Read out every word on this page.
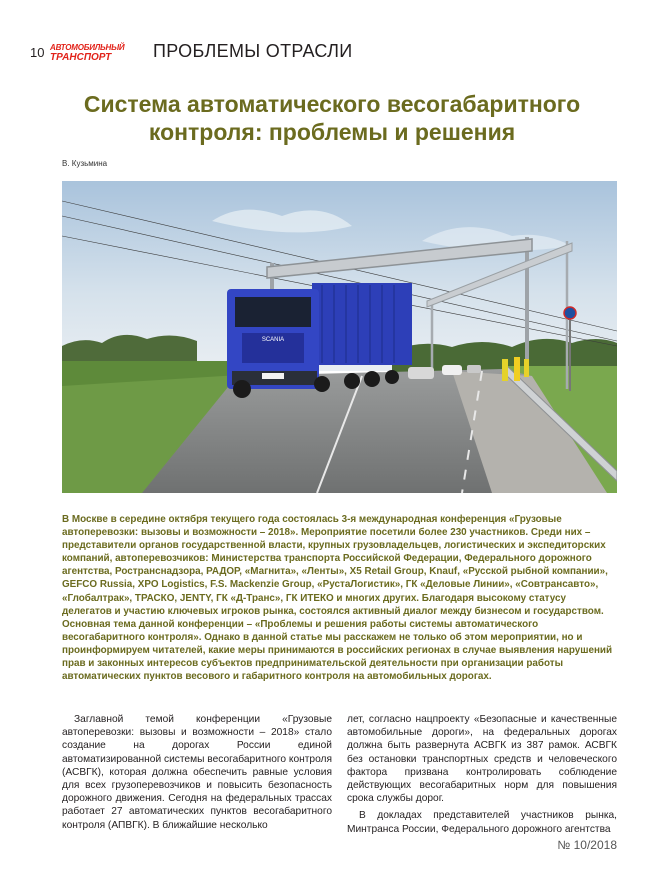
10 АВТОМОБИЛЬНЫЙ
ТРАНСПОРТ	ПРОБЛЕМЫ ОТРАСЛИ
Система автоматического весогабаритного
контроля: проблемы и решения
В. Кузьмина
SCANIA

В Москве в середине октября текущего года состоялась 3-я международная конференция «Грузовые автоперевозки: вызовы и возможности – 2018». Мероприятие посетили более 230 участников. Среди них – представители органов государственной власти, крупных грузовладельцев, логистических и экспедиторских компаний, автоперевозчиков: Министерства транспорта Российской Федерации, Федерального дорожного агентства, Ространснадзора, РАДОР, «Магнита», «Ленты», X5 Retail Group, Knauf, «Русской рыбной компании», GEFCO Russia, XPO Logistics, F.S. Mackenzie Group, «РустаЛогистик», ГК «Деловые Линии», «Совтрансавто», «Глобалтрак», ТРАСКО, JENTY, ГК «Д-Транс», ГК ИТЕКО и многих других. Благодаря высокому статусу делегатов и участию ключевых игроков рынка, состоялся активный диалог между бизнесом и государством. Основная тема данной конференции – «Проблемы и решения работы системы автоматического весогабаритного контроля». Однако в данной статье мы расскажем не только об этом мероприятии, но и проинформируем читателей, какие меры принимаются в российских регионах в случае выявления нарушений прав и законных интересов субъектов предпринимательской деятельности при организации работы автоматических пунктов весового и габаритного контроля на автомобильных дорогах.

Заглавной темой конференции «Грузовые автоперевозки: вызовы и возможности – 2018» стало создание на дорогах России единой автоматизированной системы весогабаритного контроля (АСВГК), которая должна обеспечить равные условия для всех грузоперевозчиков и повысить безопасность дорожного движения. Сегодня на федеральных трассах работает 27 автоматических пунктов весогабаритного контроля (АПВГК). В ближайшие несколько

лет, согласно нацпроекту «Безопасные и качественные автомобильные дороги», на федеральных дорогах должна быть развернута АСВГК из 387 рамок. АСВГК без остановки транспортных средств и человеческого фактора призвана контролировать соблюдение действующих весогабаритных норм для повышения срока службы дорог.

В докладах представителей участников рынка, Минтранса России, Федерального дорожного агентства

№ 10/2018
